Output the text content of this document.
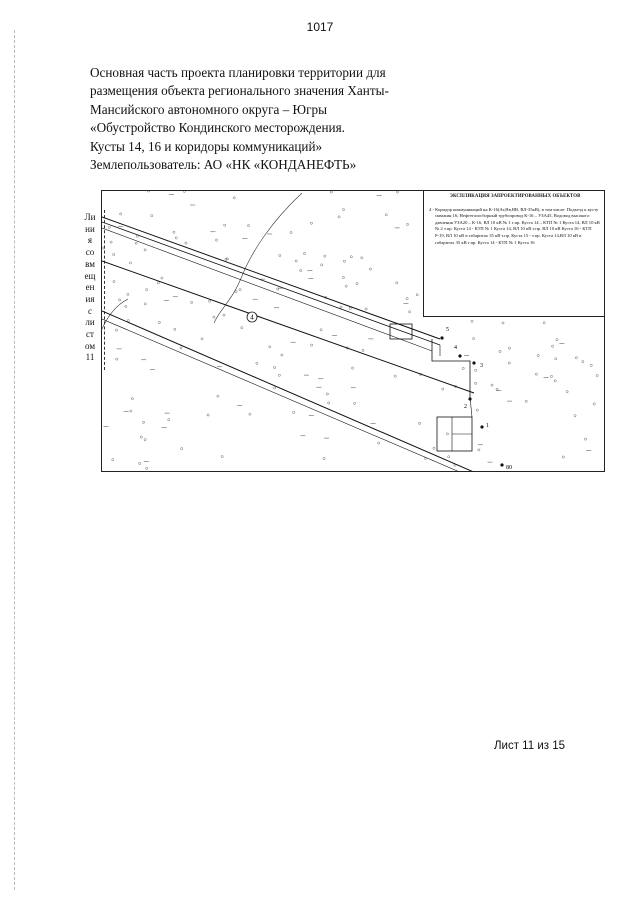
1017
Основная часть проекта планировки территории для
размещения объекта регионального значения Ханты-
Мансийского автономного округа – Югры
«Обустройство Кондинского месторождения.
Кусты 14, 16 и коридоры коммуникаций»
Землепользователь: АО «НК «КОНДАНЕФТЬ»
Ли
ни
я
со
вм
ещ
ен
ия
с
ли
ст
ом
11
4
5
4
3
2
1
80
ЭКСПЛИКАЦИЯ ЗАПРОЕКТИРОВАННЫХ ОБЪЕКТОВ
4 - Коридор коммуникаций на К-16(Ат,Нв,ВВ, ВЛ-35кВ), в том числе: Подъезд к кусту скважин 16, Нефтегазосборный трубопровод К-16 – УЗА45, Водовод высокого давления УЗА20 – К-16, ВЛ 10 кВ № 1 т.пр. Куста 14 – КТП № 1 Куста 14, ВЛ 10 кВ № 2 т.пр. Куста 14 - КТП № 1 Куста 14, ВЛ 10 кВ т.пр. ВЛ 10 кВ Куста 16 - КТП Р-19, ВЛ 10 кВ в габаритах 35 кВ т.пр. Куста 15 - т.пр. Куста 14,ВЛ 10 кВ в габаритах 35 кВ т.пр. Куста 14 - КТП № 1 Куста 16
Лист 11 из 15
